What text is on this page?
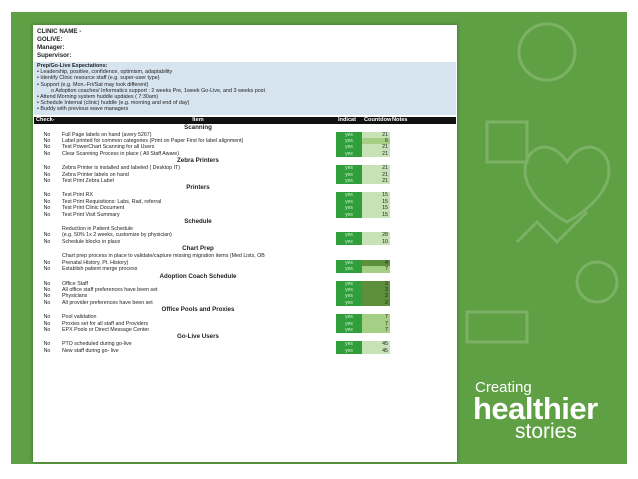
CLINIC NAME -
GOLIVE:
Manager:
Supervisor:
Prep/Go-Live Expectations:
• Leadership, positive, confidence, optimism, adaptability
• Identify Clinic resource staff (e.g. super-user type)
• Support (e.g. Mon.-Fri/Sat may look different)
o Adoption coaches/ Informatics support : 2 weeks Pre, 1week Go-Live, and 3 weeks post
• Attend Morning system huddle updates ( 7:30am)
• Schedule Internal (clinic) huddle (e.g. morning and end of day)
• Buddy with previous wave managers
Check-	Item	Indicat	Countdow	Notes
	Scanning			
No	Full Page labels on hand (avery 5267)	yes	21	
No	Label printed for common categories (Print on Paper First for label alignment)	yes	6	
No	Test PowerChart Scanning for all Users	yes	21	
No	Clear Scanning Process in place ( All Staff Aware)	yes	21	
	Zebra Printers			
No	Zebra Printer is installed and labeled ( Desktop IT)	yes	21	
No	Zebra Printer labels on hand	yes	21	
No	Test Print Zebra Label	yes	21	
	Printers			
No	Test Print RX	yes	15	
No	Test Print Requisitions: Labs, Rad, referral	yes	15	
No	Test Print Clinic Document	yes	15	
No	Test Print Visit Summary	yes	15	
	Schedule			
	Reduction in Patient Schedule			
No	(e.g. 50% 1x 2 weeks, customize by physician)	yes	28	
No	Schedule blocks in place	yes	10	
	Chart Prep			
	Chart prep process in place to validate/capture missing migration items (Med Lists, OB			
No	Prenatal History, Pt. History)	yes	4	
No	Establish patient merge process	yes	7	
	Adoption Coach Schedule			
No	Office Staff	yes	2	
No	All office staff preferences have been set	yes	2	
No	Physicians	yes	2	
No	All provider preferences have been set	yes	2	
	Office Pools and Proxies			
No	Pool validation	yes	7	
No	Proxies set for all staff and Providers	yes	7	
No	EPX Pools or Direct Message Center	yes	7	
	Go-Live Users			
No	PTO scheduled during go-live	yes	45	
No	New staff during go- live	yes	45	
Creating
healthier
stories
